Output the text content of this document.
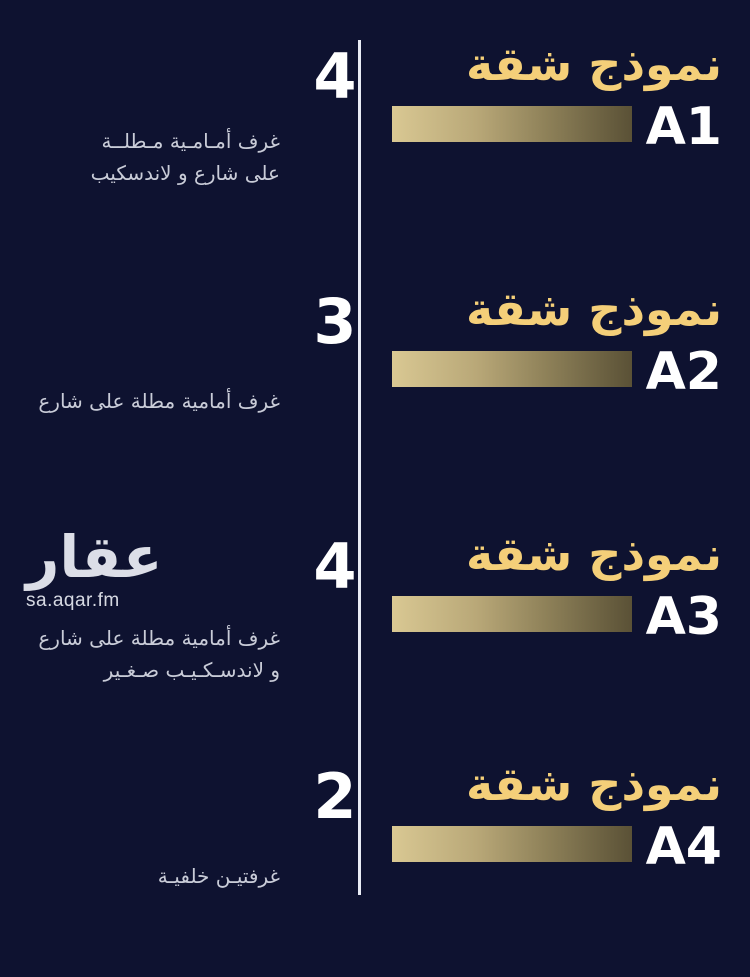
نموذج شقة
A1
4
غرف أمـامـية مـطلــة
على شارع و لاندسكيب
نموذج شقة
A2
3
غرف أمامية مطلة على شارع
نموذج شقة
A3
4
غرف أمامية مطلة على شارع
و لاندسـكـيـب صـغـير
نموذج شقة
A4
2
غرفتيـن خلفيـة
عقار
sa.aqar.fm
